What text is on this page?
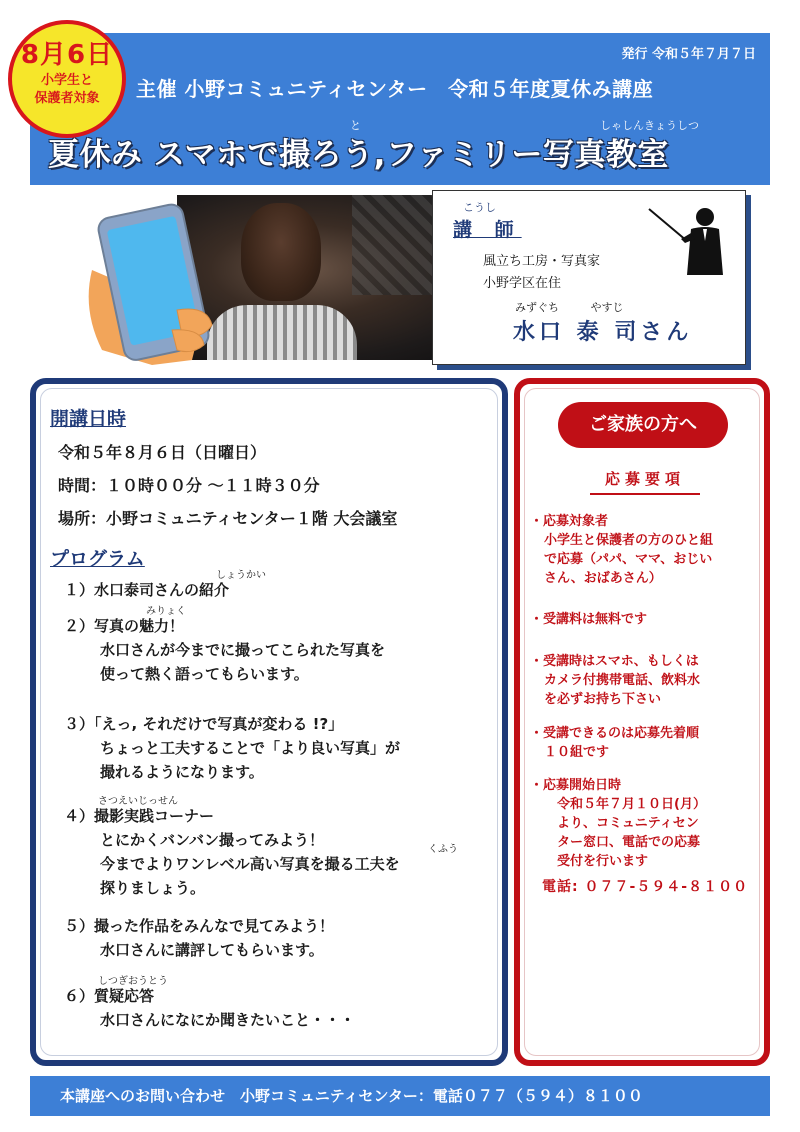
発行 令和５年７月７日
主催 小野コミュニティセンター　令和５年度夏休み講座
と	しゃしんきょうしつ
夏休み スマホで撮ろう,ファミリー写真教室
8月6日
小学生と
保護者対象
こうし
講 師
風立ち工房・写真家
小野学区在住
みずぐち やすじ
水口 泰 司さん
開講日時
令和５年８月６日（日曜日）
時間：１０時００分 ～１１時３０分
場所：小野コミュニティセンター１階 大会議室
プログラム
しょうかい
１）水口泰司さんの紹介
みりょく
２）写真の魅力！
水口さんが今までに撮ってこられた写真を
使って熱く語ってもらいます。
３）「えっ, それだけで写真が変わる !?」
ちょっと工夫することで「より良い写真」が
撮れるようになります。
さつえいじっせん
くふう
４）撮影実践コーナー
とにかくバンバン撮ってみよう！
今までよりワンレベル高い写真を撮る工夫を
探りましょう。
５）撮った作品をみんなで見てみよう！
水口さんに講評してもらいます。
しつぎおうとう
６）質疑応答
水口さんになにか聞きたいこと・・・
ご家族の方へ
応募要項
・応募対象者
小学生と保護者の方のひと組
で応募（パパ、ママ、おじい
さん、おばあさん）
・受講料は無料です
・受講時はスマホ、もしくは
カメラ付携帯電話、飲料水
を必ずお持ち下さい
・受講できるのは応募先着順
１０組です
・応募開始日時
　令和５年７月１０日(月）
　より、コミュニティセン
　ター窓口、電話での応募
　受付を行います
電話: ０７７-５９４-８１００
本講座へのお問い合わせ　小野コミュニティセンター：電話０７７（５９４）８１００
